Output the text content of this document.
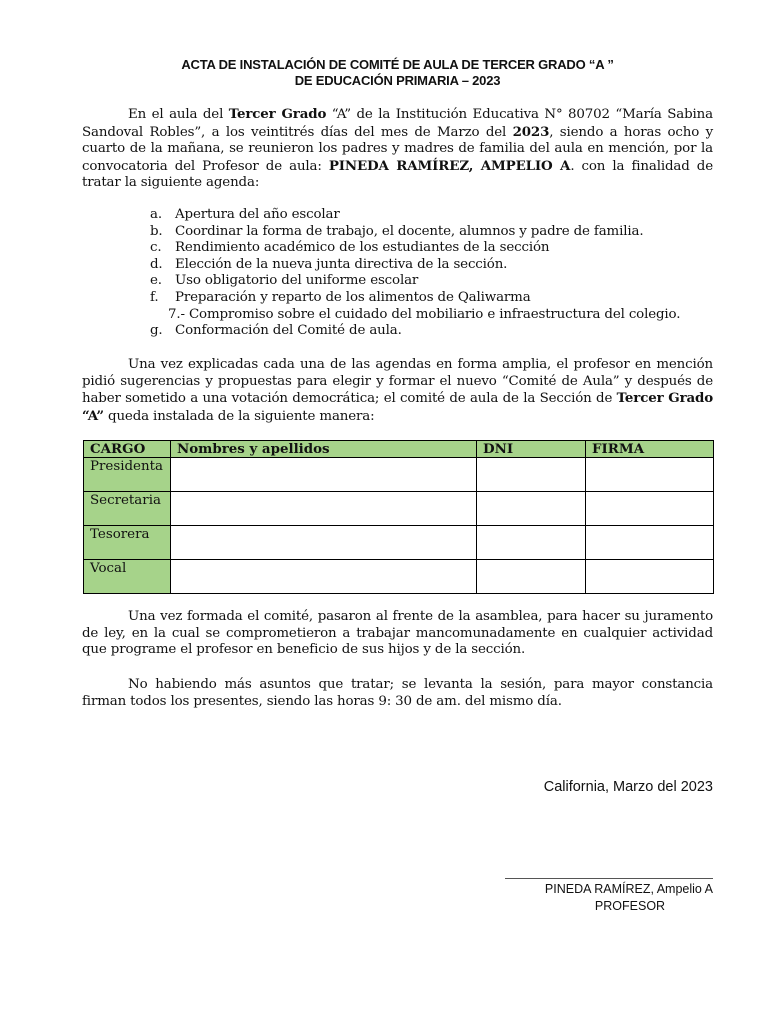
ACTA DE INSTALACIÓN DE COMITÉ DE AULA DE TERCER GRADO “A ”
DE EDUCACIÓN PRIMARIA – 2023

En el aula del Tercer Grado “A” de la Institución Educativa N° 80702 “María Sabina Sandoval Robles”, a los veintitrés días del mes de Marzo del 2023, siendo a horas ocho y cuarto de la mañana, se reunieron los padres y madres de familia del aula en mención, por la convocatoria del Profesor de aula: PINEDA RAMÍREZ, AMPELIO A. con la finalidad de tratar la siguiente agenda:

a. Apertura del año escolar
b. Coordinar la forma de trabajo, el docente, alumnos y padre de familia.
c.	Rendimiento académico de los estudiantes de la sección
d. Elección de la nueva junta directiva de la sección.
e. Uso obligatorio del uniforme escolar
f.	Preparación y reparto de los alimentos de Qaliwarma
7.- Compromiso sobre el cuidado del mobiliario e infraestructura del colegio.
g. Conformación del Comité de aula.

Una vez explicadas cada una de las agendas en forma amplia, el profesor en mención pidió sugerencias y propuestas para elegir y formar el nuevo “Comité de Aula” y después de haber sometido a una votación democrática; el comité de aula de la Sección de Tercer Grado “A” queda instalada de la siguiente manera:

CARGO	Nombres y apellidos	DNI	FIRMA
Presidenta			
Secretaria			
Tesorera			
Vocal			

Una vez formada el comité, pasaron al frente de la asamblea, para hacer su juramento de ley, en la cual se comprometieron a trabajar mancomunadamente en cualquier actividad que programe el profesor en beneficio de sus hijos y de la sección.

No habiendo más asuntos que tratar; se levanta la sesión, para mayor constancia firman todos los presentes, siendo las horas 9: 30 de am. del mismo día.

California, Marzo del 2023
PINEDA RAMÍREZ, Ampelio A
PROFESOR
